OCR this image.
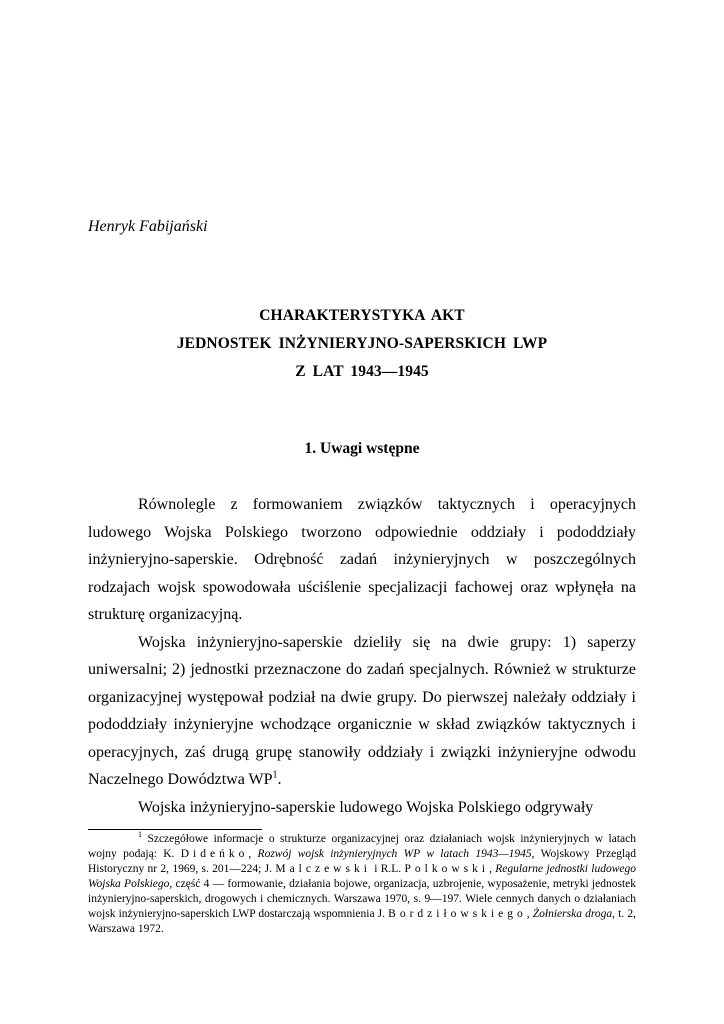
Henryk Fabijański
CHARAKTERYSTYKA AKT
JEDNOSTEK INŻYNIERYJNO-SAPERSKICH LWP
Z LAT 1943—1945
1. Uwagi wstępne

Równolegle z formowaniem związków taktycznych i operacyjnych ludowego Wojska Polskiego tworzono odpowiednie oddziały i pododdziały inżynieryjno-saperskie. Odrębność zadań inżynieryjnych w poszczególnych rodzajach wojsk spowodowała uściślenie specjalizacji fachowej oraz wpłynęła na strukturę organizacyjną.

Wojska inżynieryjno-saperskie dzieliły się na dwie grupy: 1) saperzy uniwersalni; 2) jednostki przeznaczone do zadań specjalnych. Również w strukturze organizacyjnej występował podział na dwie grupy. Do pierwszej należały oddziały i pododdziały inżynieryjne wchodzące organicznie w skład związków taktycznych i operacyjnych, zaś drugą grupę stanowiły oddziały i związki inżynieryjne odwodu Naczelnego Dowództwa $WP^1$.

Wojska inżynieryjno-saperskie ludowego Wojska Polskiego odgrywały

$^1$ Szczegółowe informacje o strukturze organizacyjnej oraz działaniach wojsk inżynieryjnych w latach wojny podają: K. Dideńko, Rozwój wojsk inżynieryjnych WP w latach 1943—1945, Wojskowy Przegląd Historyczny nr 2, 1969, s. 201—224; J. Malczewski i R.L. Polkowski, Regularne jednostki ludowego Wojska Polskiego, część 4 — formowanie, działania bojowe, organizacja, uzbrojenie, wyposażenie, metryki jednostek inżynieryjno-saperskich, drogowych i chemicznych. Warszawa 1970, s. 9—197. Wiele cennych danych o działaniach wojsk inżynieryjno-saperskich LWP dostarczają wspomnienia J. Bordziłowskiego, Żołnierska droga, t. 2, Warszawa 1972.
